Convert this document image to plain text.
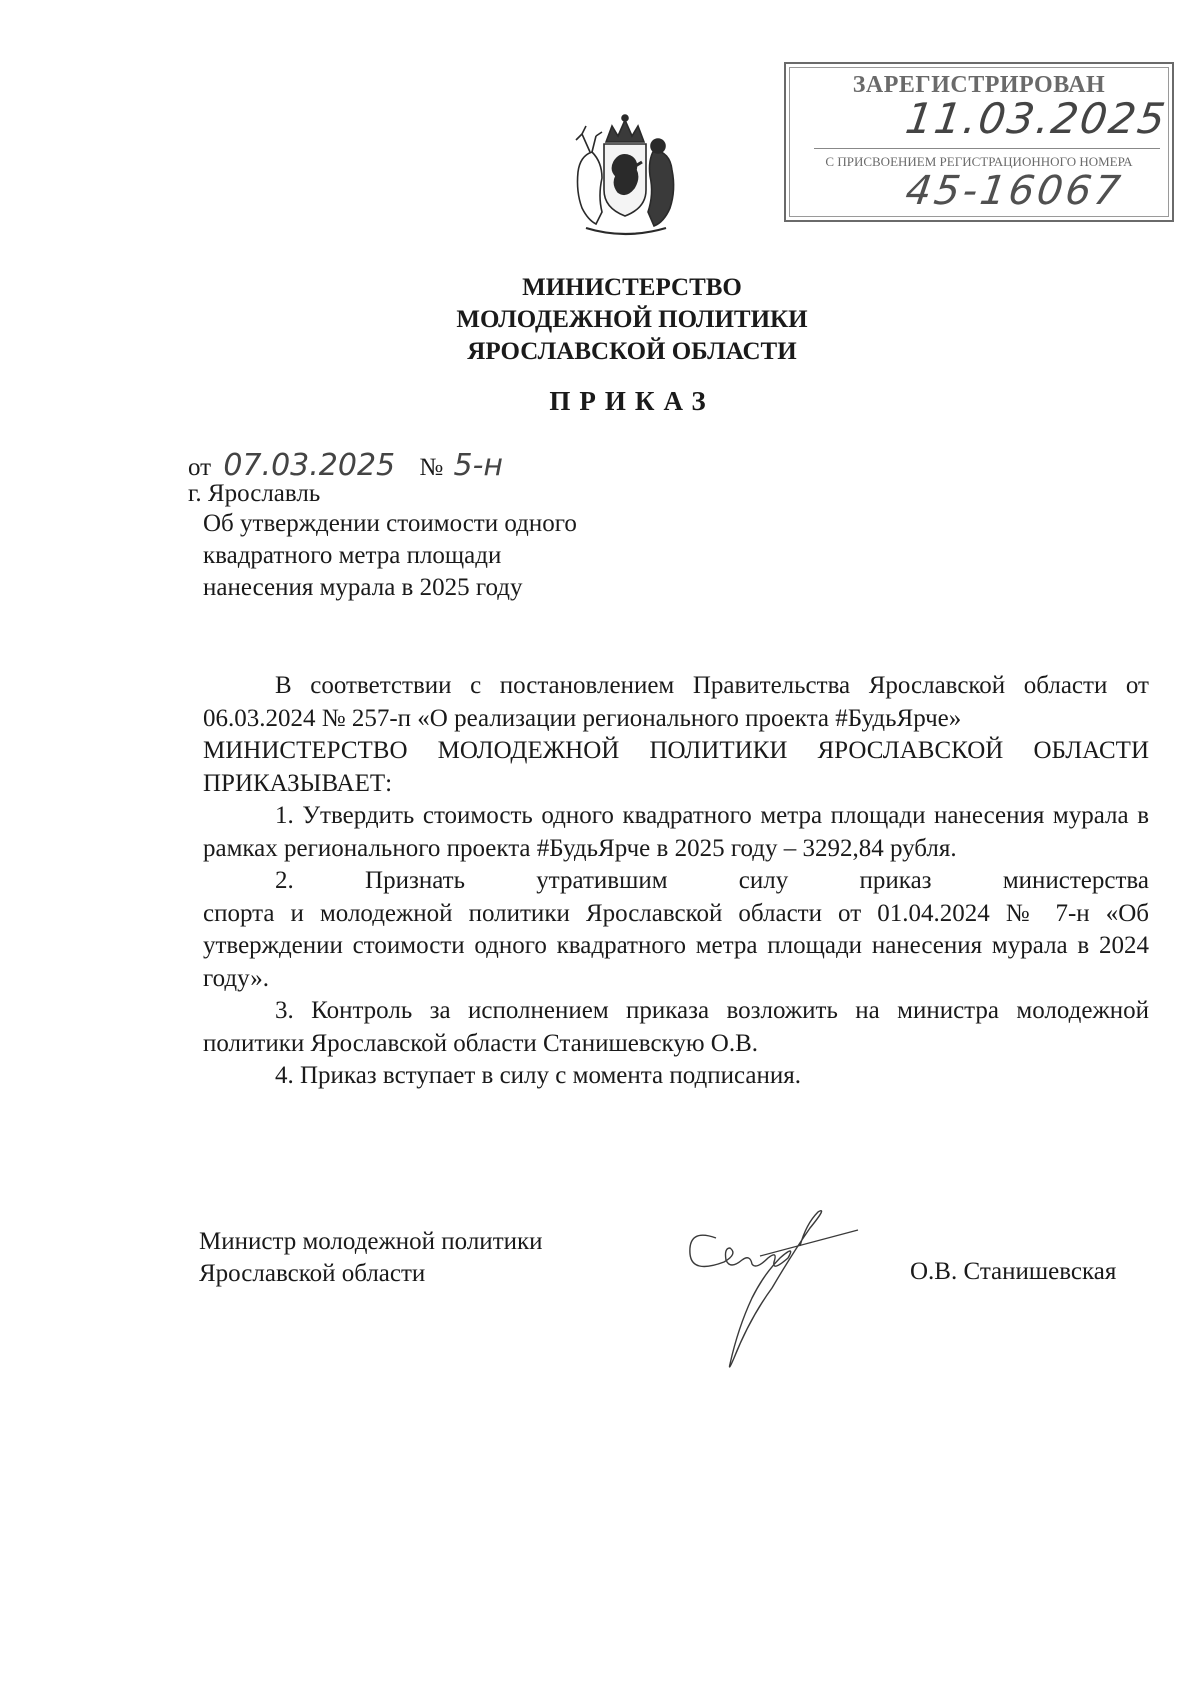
ЗАРЕГИСТРИРОВАН
11.03.2025
С ПРИСВОЕНИЕМ РЕГИСТРАЦИОННОГО НОМЕРА
45-16067
МИНИСТЕРСТВО
МОЛОДЕЖНОЙ ПОЛИТИКИ
ЯРОСЛАВСКОЙ ОБЛАСТИ
ПРИКАЗ
от 07.03.2025 № 5-н
г. Ярославль
Об утверждении стоимости одного
квадратного метра площади
нанесения мурала в 2025 году

В соответствии с постановлением Правительства Ярославской области от 06.03.2024 № 257-п «О реализации регионального проекта #БудьЯрче»

МИНИСТЕРСТВО МОЛОДЕЖНОЙ ПОЛИТИКИ ЯРОСЛАВСКОЙ ОБЛАСТИ ПРИКАЗЫВАЕТ:

1. Утвердить стоимость одного квадратного метра площади нанесения мурала в рамках регионального проекта #БудьЯрче в 2025 году – 3292,84 рубля.

2. Признать утратившим силу приказ министерства

спорта и молодежной политики Ярославской области от 01.04.2024 № 7-н «Об утверждении стоимости одного квадратного метра площади нанесения мурала в 2024 году».

3. Контроль за исполнением приказа возложить на министра молодежной политики Ярославской области Станишевскую О.В.

4. Приказ вступает в силу с момента подписания.

Министр молодежной политики
Ярославской области	О.В. Станишевская
